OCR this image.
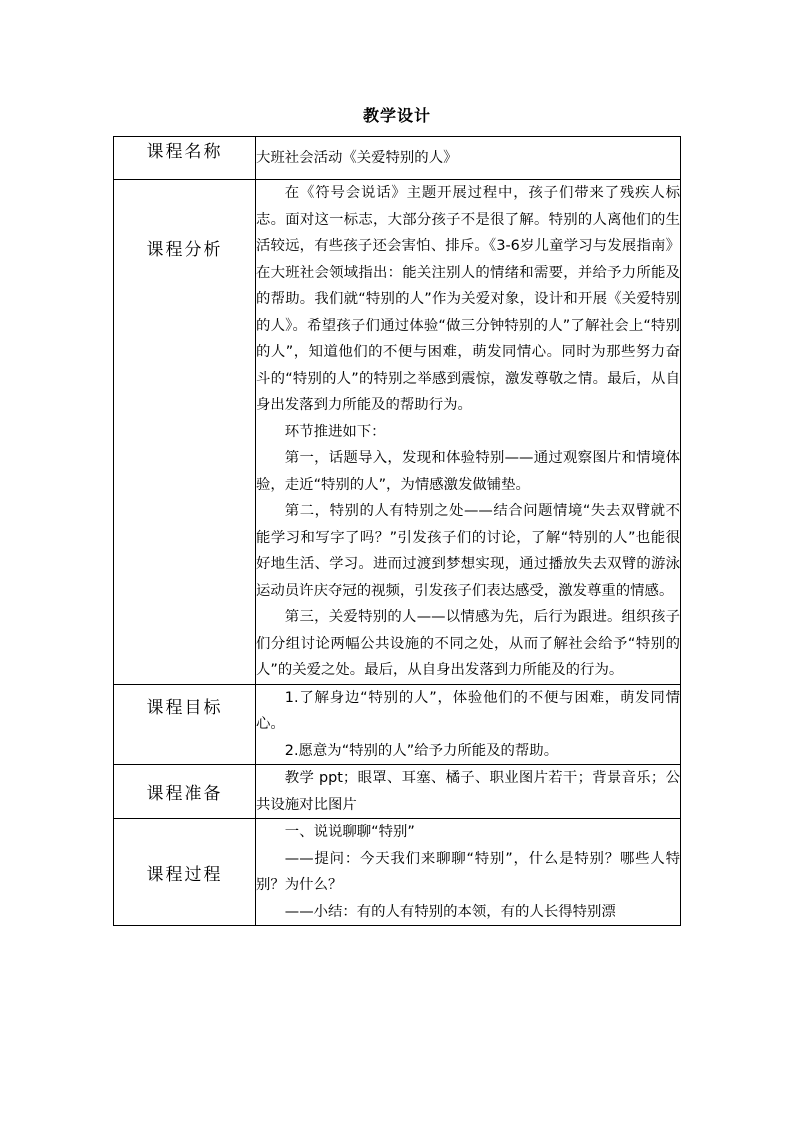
教学设计
课程名称	大班社会活动《关爱特别的人》

课程分析	在《符号会说话》主题开展过程中，孩子们带来了残疾人标志。面对这一标志，大部分孩子不是很了解。特别的人离他们的生活较远，有些孩子还会害怕、排斥。《3-6岁儿童学习与发展指南》在大班社会领域指出：能关注别人的情绪和需要，并给予力所能及的帮助。我们就“特别的人”作为关爱对象，设计和开展《关爱特别的人》。希望孩子们通过体验“做三分钟特别的人”了解社会上“特别的人”，知道他们的不便与困难，萌发同情心。同时为那些努力奋斗的“特别的人”的特别之举感到震惊，激发尊敬之情。最后，从自身出发落到力所能及的帮助行为。

环节推进如下：

第一，话题导入，发现和体验特别——通过观察图片和情境体验，走近“特别的人”，为情感激发做铺垫。

第二，特别的人有特别之处——结合问题情境“失去双臂就不能学习和写字了吗？”引发孩子们的讨论，了解“特别的人”也能很好地生活、学习。进而过渡到梦想实现，通过播放失去双臂的游泳运动员许庆夺冠的视频，引发孩子们表达感受，激发尊重的情感。

第三，关爱特别的人——以情感为先，后行为跟进。组织孩子们分组讨论两幅公共设施的不同之处，从而了解社会给予“特别的人”的关爱之处。最后，从自身出发落到力所能及的行为。

课程目标	1.了解身边“特别的人”，体验他们的不便与困难，萌发同情心。

2.愿意为“特别的人”给予力所能及的帮助。

课程准备	教学 ppt；眼罩、耳塞、橘子、职业图片若干；背景音乐；公共设施对比图片

课程过程	一、说说聊聊“特别”

——提问：今天我们来聊聊“特别”，什么是特别？哪些人特别？为什么？

——小结：有的人有特别的本领，有的人长得特别漂
